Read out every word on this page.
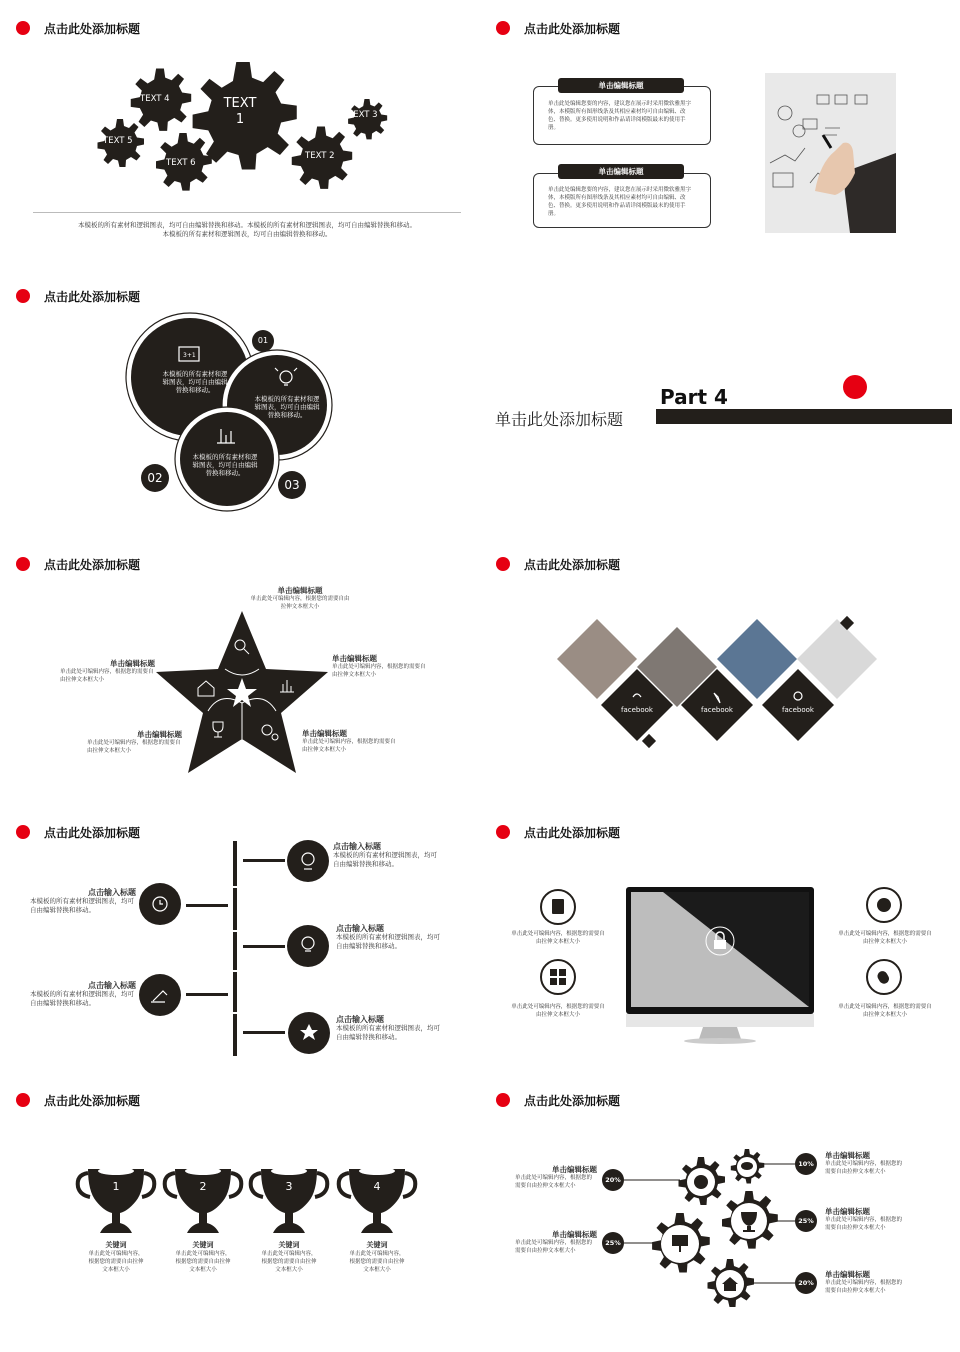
点击此处添加标题
TEXT 4	TEXT
1	TEXT 3
TEXT 5
TEXT 6
TEXT 2
本模板的所有素材和逻辑图表，均可自由编辑替换和移动。本模板的所有素材和逻辑图表，均可自由编辑替换和移动。
本模板的所有素材和逻辑图表，均可自由编辑替换和移动。
点击此处添加标题
单击编辑标题
单击此处编辑您要的内容，建议您在展示时采用微软雅黑字体，本模版所有图形线条及其相应素材均可自由编辑、改色、替换。更多使用说明和作品请详阅模版最末的使用手册。
单击编辑标题
单击此处编辑您要的内容，建议您在展示时采用微软雅黑字体，本模版所有图形线条及其相应素材均可自由编辑、改色、替换。更多使用说明和作品请详阅模版最末的使用手册。
点击此处添加标题
3+1
本模板的所有素材和逻辑图表，均可自由编辑替换和移动。
本模板的所有素材和逻辑图表，均可自由编辑替换和移动。
本模板的所有素材和逻辑图表，均可自由编辑替换和移动。
01
02	03
Part 4
单击此处添加标题
点击此处添加标题
单击编辑标题
单击此处可编辑内容，根据您的需要自由拉伸文本框大小
单击编辑标题
单击此处可编辑内容，根据您的需要自由拉伸文本框大小
单击编辑标题
单击此处可编辑内容，根据您的需要自由拉伸文本框大小
单击编辑标题
单击此处可编辑内容，根据您的需要自由拉伸文本框大小
单击编辑标题
单击此处可编辑内容，根据您的需要自由拉伸文本框大小
点击此处添加标题
facebook	facebook	facebook
点击此处添加标题
点击输入标题
本模板的所有素材和逻辑图表，均可自由编辑替换和移动。
点击输入标题
本模板的所有素材和逻辑图表，均可自由编辑替换和移动。
点击输入标题
本模板的所有素材和逻辑图表，均可自由编辑替换和移动。
点击输入标题
本模板的所有素材和逻辑图表，均可自由编辑替换和移动。
点击输入标题
本模板的所有素材和逻辑图表，均可自由编辑替换和移动。
点击此处添加标题
单击此处可编辑内容，根据您的需要自由拉伸文本框大小
单击此处可编辑内容，根据您的需要自由拉伸文本框大小
单击此处可编辑内容，根据您的需要自由拉伸文本框大小
单击此处可编辑内容，根据您的需要自由拉伸文本框大小
点击此处添加标题
1	2	3	4
关键词
单击此处可编辑内容，根据您的需要自由拉伸文本框大小
关键词
单击此处可编辑内容，根据您的需要自由拉伸文本框大小
关键词
单击此处可编辑内容，根据您的需要自由拉伸文本框大小
关键词
单击此处可编辑内容，根据您的需要自由拉伸文本框大小
点击此处添加标题
20%
25%
10%
25%
20%
单击编辑标题
单击此处可编辑内容，根据您的需要自由拉伸文本框大小
单击编辑标题
单击此处可编辑内容，根据您的需要自由拉伸文本框大小
单击编辑标题
单击此处可编辑内容，根据您的需要自由拉伸文本框大小
单击编辑标题
单击此处可编辑内容，根据您的需要自由拉伸文本框大小
单击编辑标题
单击此处可编辑内容，根据您的需要自由拉伸文本框大小
